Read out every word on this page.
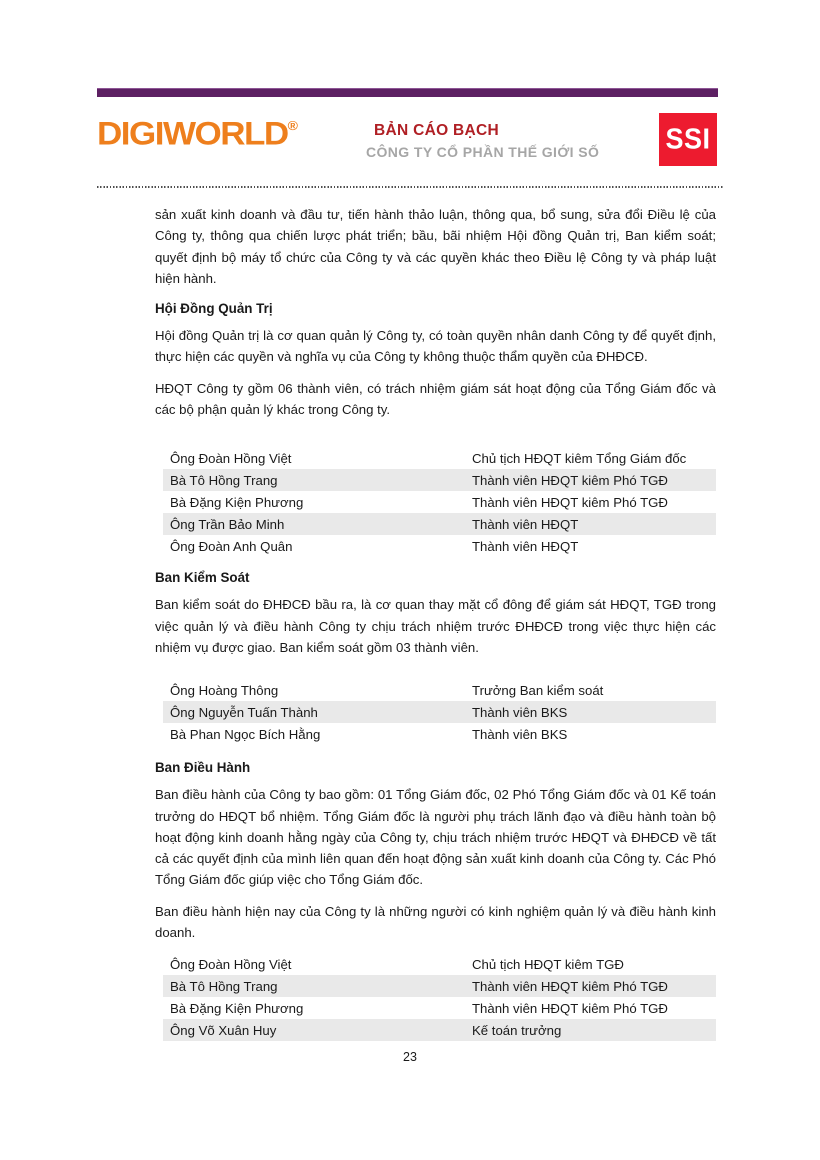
DIGIWORLD®	BẢN CÁO BẠCH
CÔNG TY CỔ PHẦN THẾ GIỚI SỐ SSI

sản xuất kinh doanh và đầu tư, tiến hành thảo luận, thông qua, bổ sung, sửa đổi Điều lệ của Công ty, thông qua chiến lược phát triển; bầu, bãi nhiệm Hội đồng Quản trị, Ban kiểm soát; quyết định bộ máy tổ chức của Công ty và các quyền khác theo Điều lệ Công ty và pháp luật hiện hành.

Hội Đồng Quản Trị

Hội đồng Quản trị là cơ quan quản lý Công ty, có toàn quyền nhân danh Công ty để quyết định, thực hiện các quyền và nghĩa vụ của Công ty không thuộc thẩm quyền của ĐHĐCĐ.

HĐQT Công ty gồm 06 thành viên, có trách nhiệm giám sát hoạt động của Tổng Giám đốc và các bộ phận quản lý khác trong Công ty.

Ông Đoàn Hồng Việt	Chủ tịch HĐQT kiêm Tổng Giám đốc
Bà Tô Hồng Trang	Thành viên HĐQT kiêm Phó TGĐ
Bà Đặng Kiện Phương	Thành viên HĐQT kiêm Phó TGĐ
Ông Trần Bảo Minh	Thành viên HĐQT
Ông Đoàn Anh Quân	Thành viên HĐQT
Ban Kiểm Soát

Ban kiểm soát do ĐHĐCĐ bầu ra, là cơ quan thay mặt cổ đông để giám sát HĐQT, TGĐ trong việc quản lý và điều hành Công ty chịu trách nhiệm trước ĐHĐCĐ trong việc thực hiện các nhiệm vụ được giao. Ban kiểm soát gồm 03 thành viên.

Ông Hoàng Thông	Trưởng Ban kiểm soát
Ông Nguyễn Tuấn Thành	Thành viên BKS
Bà Phan Ngọc Bích Hằng	Thành viên BKS
Ban Điều Hành

Ban điều hành của Công ty bao gồm: 01 Tổng Giám đốc, 02 Phó Tổng Giám đốc và 01 Kế toán trưởng do HĐQT bổ nhiệm. Tổng Giám đốc là người phụ trách lãnh đạo và điều hành toàn bộ hoạt động kinh doanh hằng ngày của Công ty, chịu trách nhiệm trước HĐQT và ĐHĐCĐ về tất cả các quyết định của mình liên quan đến hoạt động sản xuất kinh doanh của Công ty. Các Phó Tổng Giám đốc giúp việc cho Tổng Giám đốc.

Ban điều hành hiện nay của Công ty là những người có kinh nghiệm quản lý và điều hành kinh doanh.

Ông Đoàn Hồng Việt	Chủ tịch HĐQT kiêm TGĐ
Bà Tô Hồng Trang	Thành viên HĐQT kiêm Phó TGĐ
Bà Đặng Kiện Phương	Thành viên HĐQT kiêm Phó TGĐ
Ông Võ Xuân Huy	Kế toán trưởng
23
